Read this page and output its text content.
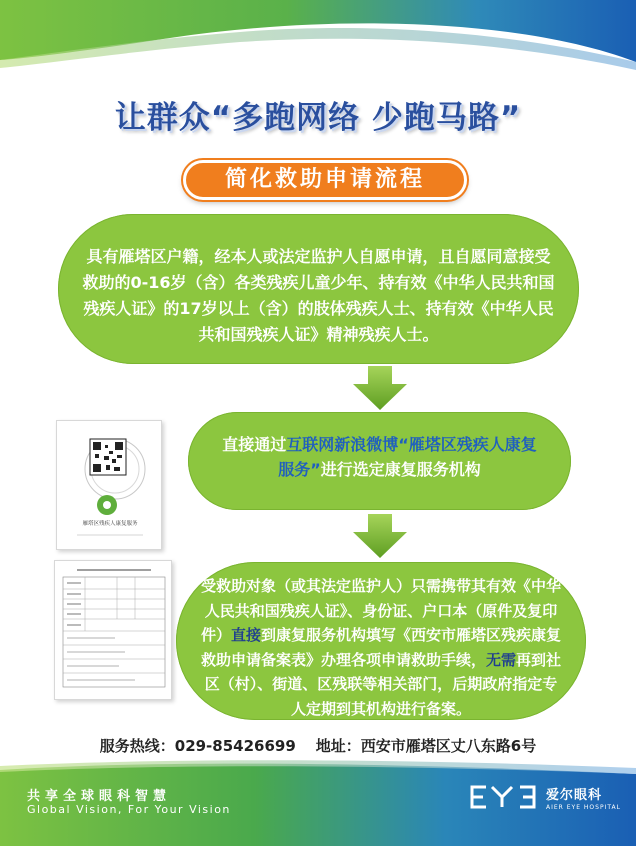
让群众“多跑网络 少跑马路”
简化救助申请流程
具有雁塔区户籍，经本人或法定监护人自愿申请，且自愿同意接受救助的0-16岁（含）各类残疾儿童少年、持有效《中华人民共和国残疾人证》的17岁以上（含）的肢体残疾人士、持有效《中华人民共和国残疾人证》精神残疾人士。
雁塔区残疾人康复服务
直接通过互联网新浪微博“雁塔区残疾人康复服务”进行选定康复服务机构
受救助对象（或其法定监护人）只需携带其有效《中华人民共和国残疾人证》、身份证、户口本（原件及复印件）直接到康复服务机构填写《西安市雁塔区残疾康复救助申请备案表》办理各项申请救助手续，无需再到社区（村）、街道、区残联等相关部门，后期政府指定专人定期到其机构进行备案。
服务热线：029-85426699 地址：西安市雁塔区丈八东路6号
共享全球眼科智慧
Global Vision, For Your Vision
爱尔眼科
AIER EYE HOSPITAL
